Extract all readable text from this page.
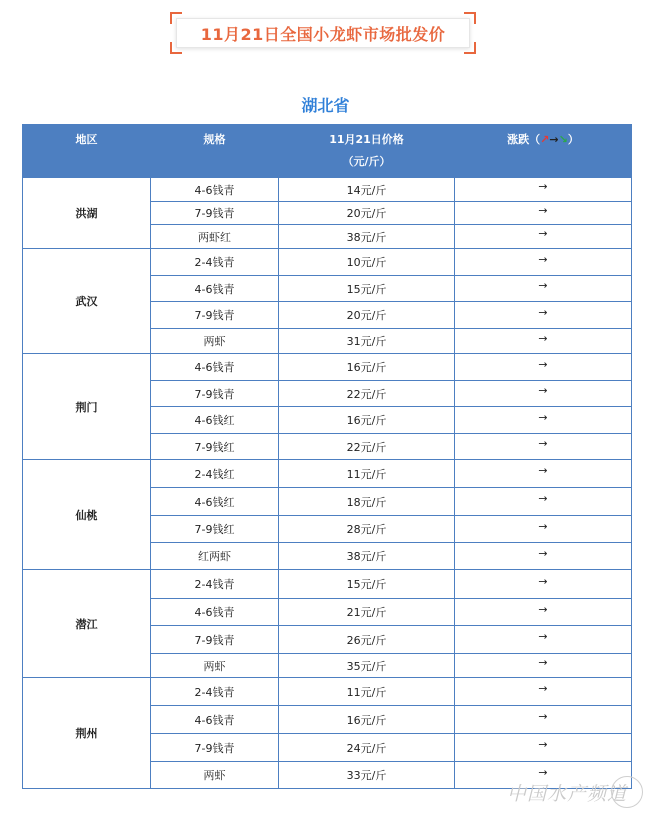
11月21日全国小龙虾市场批发价
湖北省
地区	规格	11月21日价格
（元/斤）	涨跌（↗→↘）
洪湖	4-6钱青	14元/斤	→
	7-9钱青	20元/斤	→
	两虾红	38元/斤	→
武汉	2-4钱青	10元/斤	→
	4-6钱青	15元/斤	→
	7-9钱青	20元/斤	→
	两虾	31元/斤	→
荆门	4-6钱青	16元/斤	→
	7-9钱青	22元/斤	→
	4-6钱红	16元/斤	→
	7-9钱红	22元/斤	→
仙桃	2-4钱红	11元/斤	→
	4-6钱红	18元/斤	→
	7-9钱红	28元/斤	→
	红两虾	38元/斤	→
潜江	2-4钱青	15元/斤	→
	4-6钱青	21元/斤	→
	7-9钱青	26元/斤	→
	两虾	35元/斤	→
荆州	2-4钱青	11元/斤	→
	4-6钱青	16元/斤	→
	7-9钱青	24元/斤	→
	两虾	33元/斤	→
中国水产频道
